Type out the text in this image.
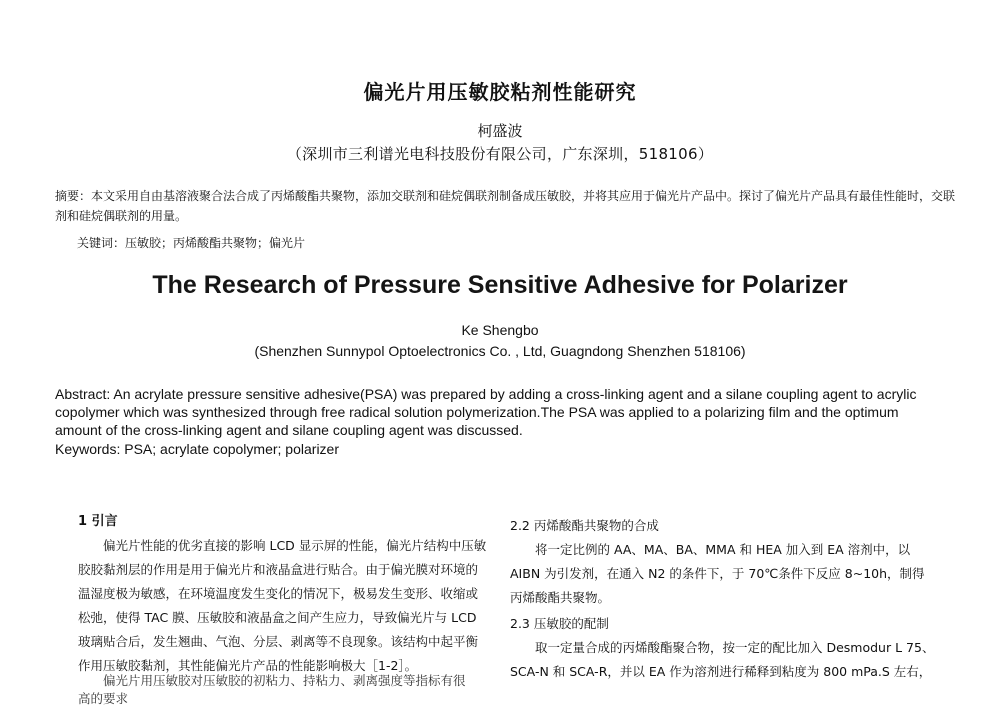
偏光片用压敏胶粘剂性能研究
柯盛波
（深圳市三利谱光电科技股份有限公司，广东深圳，518106）
摘要：本文采用自由基溶液聚合法合成了丙烯酸酯共聚物，添加交联剂和硅烷偶联剂制备成压敏胶，并将其应用于偏光片产品中。探讨了偏光片产品具有最佳性能时，交联剂和硅烷偶联剂的用量。
关键词：压敏胶；丙烯酸酯共聚物；偏光片
The Research of Pressure Sensitive Adhesive for Polarizer
Ke Shengbo
(Shenzhen Sunnypol Optoelectronics Co. , Ltd, Guagndong Shenzhen 518106)
Abstract: An acrylate pressure sensitive adhesive(PSA) was prepared by adding a cross-linking agent and a silane coupling agent to acrylic copolymer which was synthesized through free radical solution polymerization.The PSA was applied to a polarizing film and the optimum amount of the cross-linking agent and silane coupling agent was discussed.
Keywords: PSA; acrylate copolymer; polarizer
1 引言
偏光片性能的优劣直接的影响 LCD 显示屏的性能，偏光片结构中压敏胶胶黏剂层的作用是用于偏光片和液晶盒进行贴合。由于偏光膜对环境的温湿度极为敏感，在环境温度发生变化的情况下，极易发生变形、收缩或松弛，使得 TAC 膜、压敏胶和液晶盒之间产生应力，导致偏光片与 LCD 玻璃贴合后，发生翘曲、气泡、分层、剥离等不良现象。该结构中起平衡作用压敏胶黏剂，其性能偏光片产品的性能影响极大［1-2］。
偏光片用压敏胶对压敏胶的初粘力、持粘力、剥离强度等指标有很高的要求
2.2 丙烯酸酯共聚物的合成
将一定比例的 AA、MA、BA、MMA 和 HEA 加入到 EA 溶剂中，以 AIBN 为引发剂，在通入 N2 的条件下，于 70℃条件下反应 8~10h，制得丙烯酸酯共聚物。
2.3 压敏胶的配制
取一定量合成的丙烯酸酯聚合物，按一定的配比加入 Desmodur L 75、SCA-N 和 SCA-R，并以 EA 作为溶剂进行稀释到粘度为 800 mPa.S 左右，
